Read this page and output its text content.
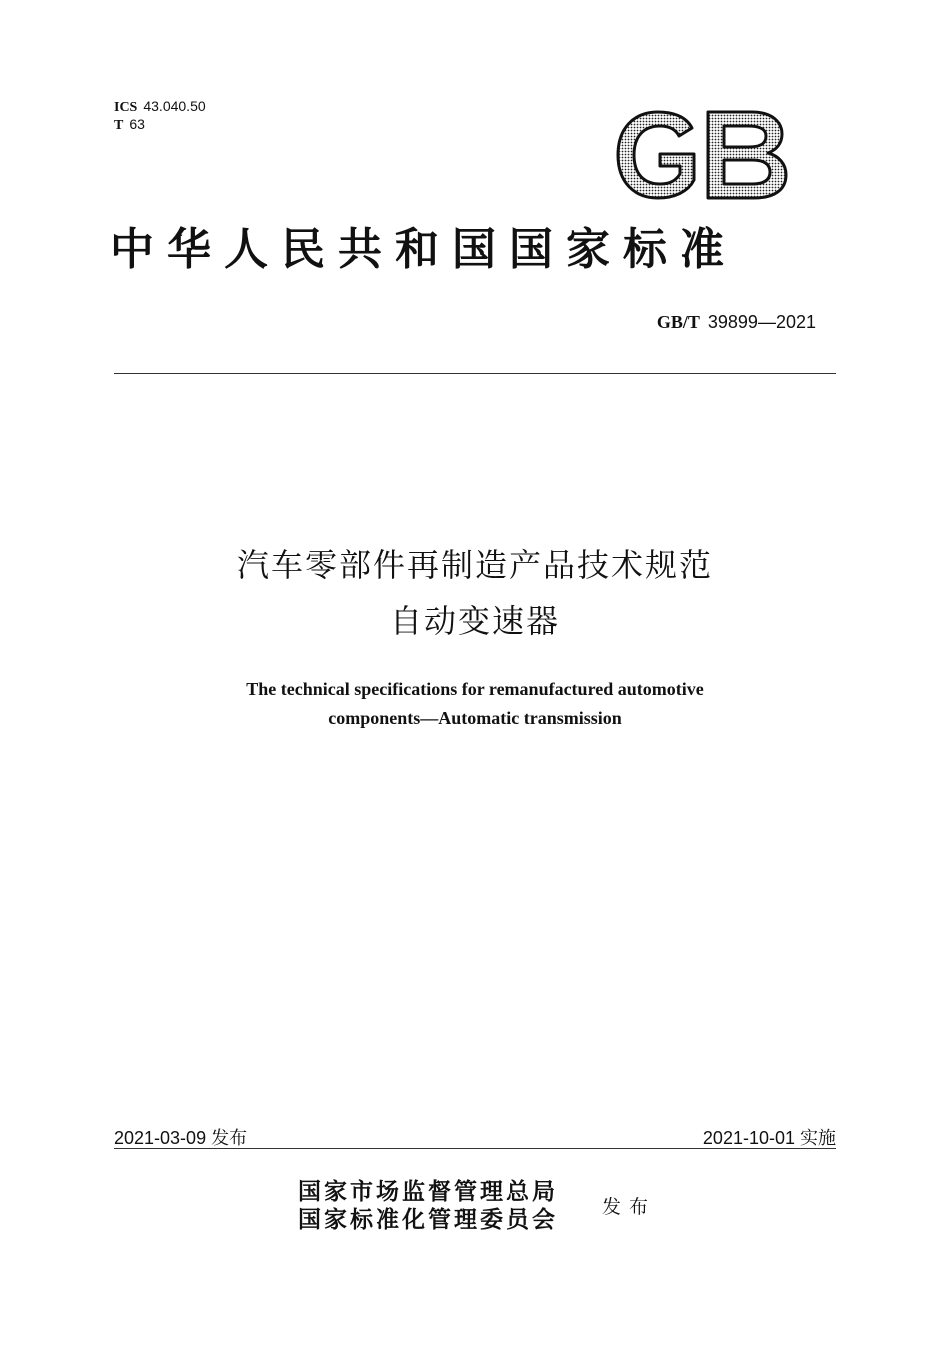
ICS 43.040.50
T 63
中华人民共和国国家标准
GB/T 39899—2021
汽车零部件再制造产品技术规范
自动变速器
The technical specifications for remanufactured automotive
components—Automatic transmission
2021-03-09 发布	2021-10-01 实施
国家市场监督管理总局
国家标准化管理委员会 发布
